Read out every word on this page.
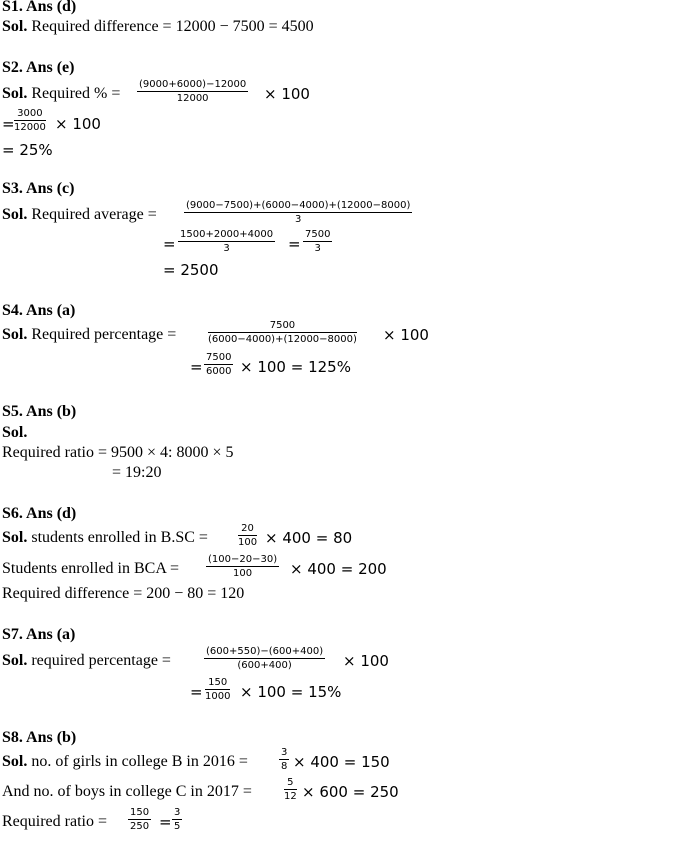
S1. Ans (d)
Sol. Required difference = 12000 − 7500 = 4500
S2. Ans (e)
Sol. Required % = $\frac{(9000+6000)-12000}{12000} \times 100$
= $\frac{3000}{12000} \times 100$
= 25%
S3. Ans (c)
Sol. Required average =	$\frac{(9000-7500)+(6000-4000)+(12000-8000)}{3}$
= $\frac{1500+2000+4000}{3} = \frac{7500}{3}$
= 2500
S4. Ans (a)
Sol. Required percentage =	$\frac{7500}{(6000-4000)+(12000-8000)} \times 100$
= $\frac{7500}{6000} \times 100 = 125\%$
S5. Ans (b)
Sol.
Required ratio = 9500 × 4: 8000 × 5
= 19:20
S6. Ans (d)
Sol. students enrolled in B.SC =	$\frac{20}{100} \times 400 = 80$
Students enrolled in BCA =	$\frac{(100-20-30)}{100} \times 400 = 200$
Required difference = 200 − 80 = 120
S7. Ans (a)
Sol. required percentage =	$\frac{(600+550)-(600+400)}{(600+400)} \times 100$
= $\frac{150}{1000} \times 100 = 15\%$
S8. Ans (b)
Sol. no. of girls in college B in 2016 =	$\frac{3}{8} \times 400 = 150$
And no. of boys in college C in 2017 =	$\frac{5}{12} \times 600 = 250$
Required ratio = $\frac{150}{250} = \frac{3}{5}$
